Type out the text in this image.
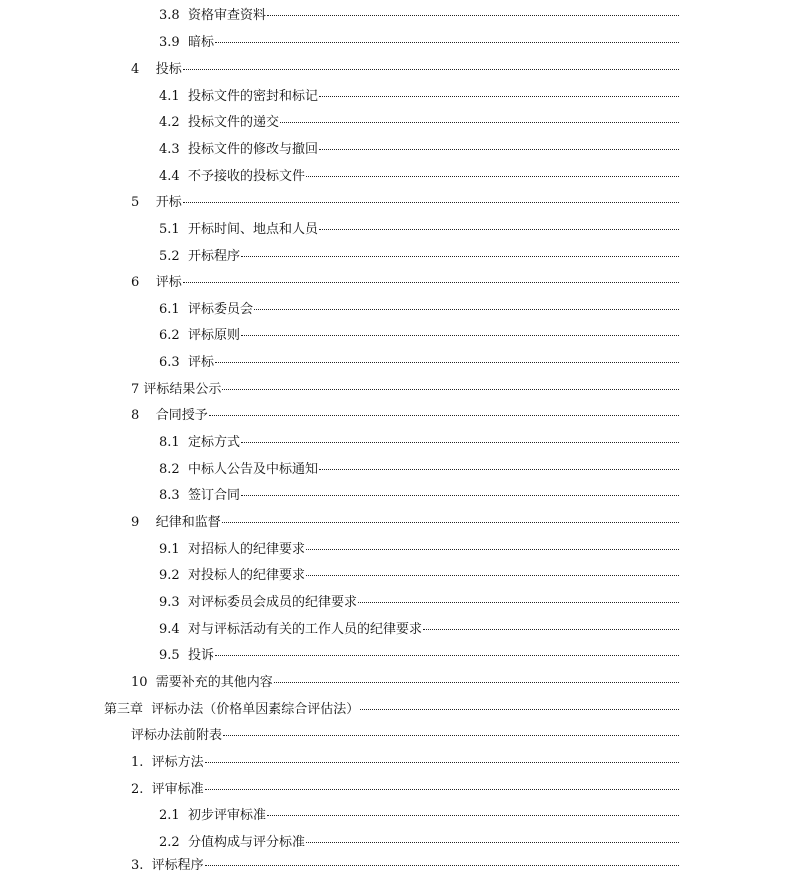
3.8  资格审查资料
3.9  暗标
4    投标
4.1  投标文件的密封和标记
4.2  投标文件的递交
4.3  投标文件的修改与撤回
4.4  不予接收的投标文件
5    开标
5.1  开标时间、地点和人员
5.2  开标程序
6    评标
6.1  评标委员会
6.2  评标原则
6.3  评标
7 评标结果公示
8    合同授予
8.1  定标方式
8.2  中标人公告及中标通知
8.3  签订合同
9    纪律和监督
9.1  对招标人的纪律要求
9.2  对投标人的纪律要求
9.3  对评标委员会成员的纪律要求
9.4  对与评标活动有关的工作人员的纪律要求
9.5  投诉
10  需要补充的其他内容
第三章  评标办法（价格单因素综合评估法）
评标办法前附表
1.  评标方法
2.  评审标准
2.1  初步评审标准
2.2  分值构成与评分标准
3.  评标程序
